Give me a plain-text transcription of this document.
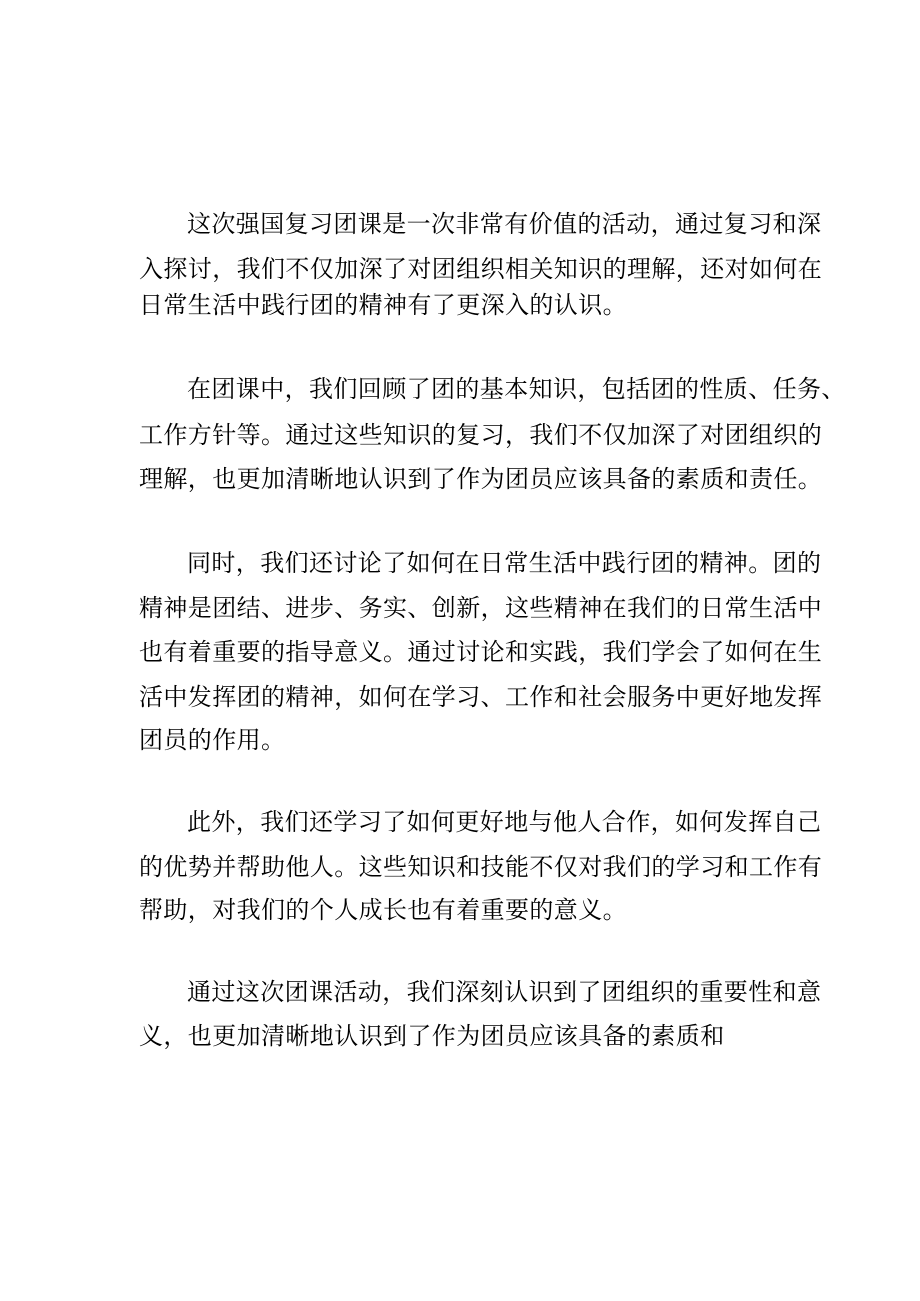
这次强国复习团课是一次非常有价值的活动，通过复习和深
入探讨，我们不仅加深了对团组织相关知识的理解，还对如何在
日常生活中践行团的精神有了更深入的认识。
在团课中，我们回顾了团的基本知识，包括团的性质、任务、
工作方针等。通过这些知识的复习，我们不仅加深了对团组织的
理解，也更加清晰地认识到了作为团员应该具备的素质和责任。
同时，我们还讨论了如何在日常生活中践行团的精神。团的
精神是团结、进步、务实、创新，这些精神在我们的日常生活中
也有着重要的指导意义。通过讨论和实践，我们学会了如何在生
活中发挥团的精神，如何在学习、工作和社会服务中更好地发挥
团员的作用。
此外，我们还学习了如何更好地与他人合作，如何发挥自己
的优势并帮助他人。这些知识和技能不仅对我们的学习和工作有
帮助，对我们的个人成长也有着重要的意义。
通过这次团课活动，我们深刻认识到了团组织的重要性和意
义，也更加清晰地认识到了作为团员应该具备的素质和
